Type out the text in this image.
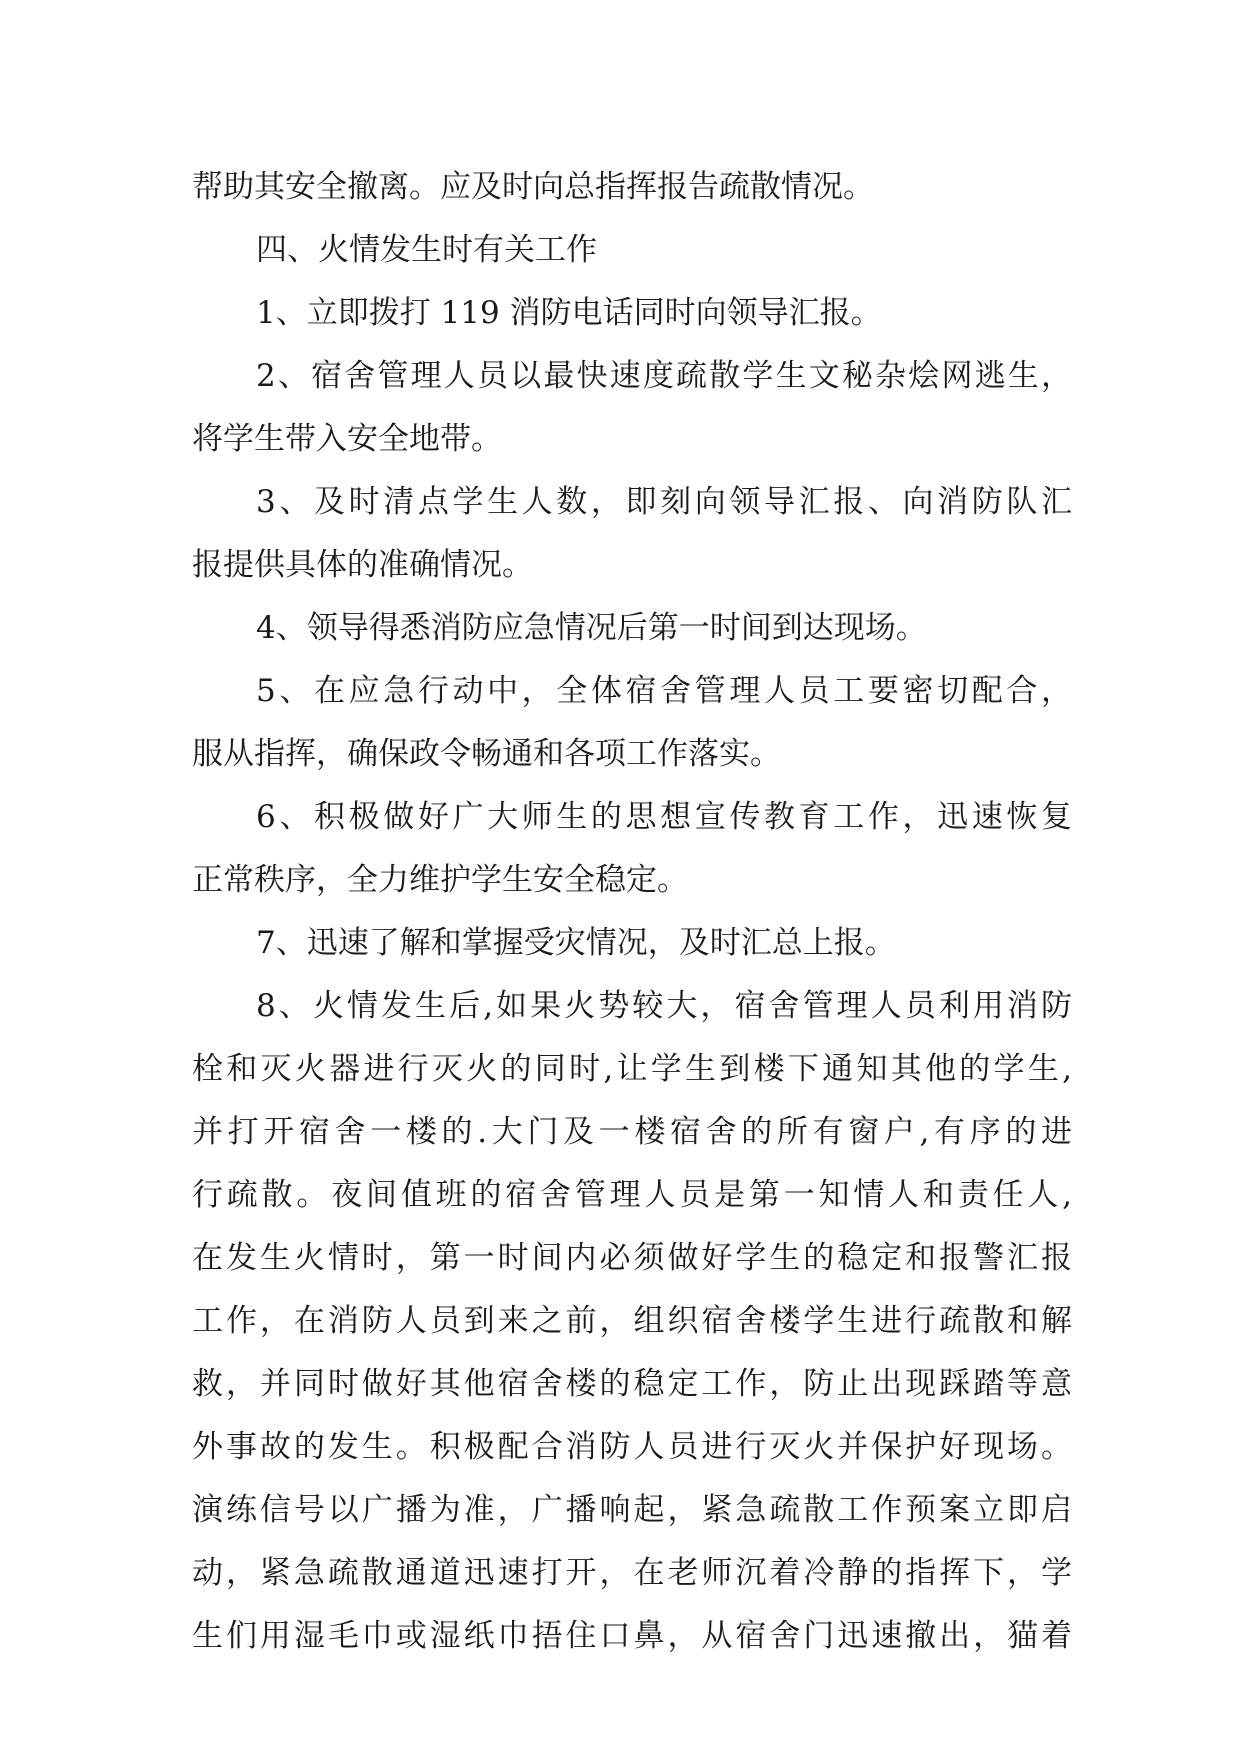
帮助其安全撤离。应及时向总指挥报告疏散情况。
四、火情发生时有关工作
1、立即拨打 119 消防电话同时向领导汇报。
2、宿舍管理人员以最快速度疏散学生文秘杂烩网逃生，
将学生带入安全地带。
3、及时清点学生人数，即刻向领导汇报、向消防队汇
报提供具体的准确情况。
4、领导得悉消防应急情况后第一时间到达现场。
5、在应急行动中，全体宿舍管理人员工要密切配合，
服从指挥，确保政令畅通和各项工作落实。
6、积极做好广大师生的思想宣传教育工作，迅速恢复
正常秩序，全力维护学生安全稳定。
7、迅速了解和掌握受灾情况，及时汇总上报。
8、火情发生后,如果火势较大，宿舍管理人员利用消防
栓和灭火器进行灭火的同时,让学生到楼下通知其他的学生,
并打开宿舍一楼的.大门及一楼宿舍的所有窗户,有序的进
行疏散。夜间值班的宿舍管理人员是第一知情人和责任人,
在发生火情时，第一时间内必须做好学生的稳定和报警汇报
工作，在消防人员到来之前，组织宿舍楼学生进行疏散和解
救，并同时做好其他宿舍楼的稳定工作，防止出现踩踏等意
外事故的发生。积极配合消防人员进行灭火并保护好现场。
演练信号以广播为准，广播响起，紧急疏散工作预案立即启
动，紧急疏散通道迅速打开，在老师沉着冷静的指挥下，学
生们用湿毛巾或湿纸巾捂住口鼻，从宿舍门迅速撤出，猫着
